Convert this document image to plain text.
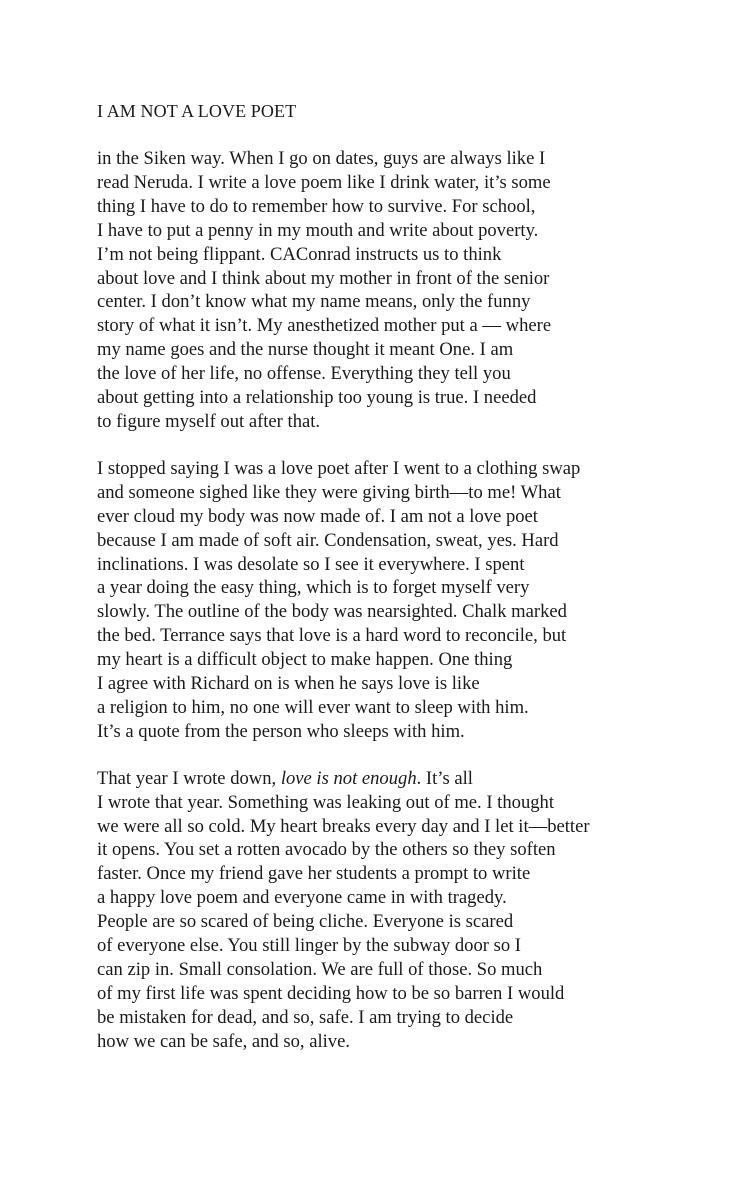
I AM NOT A LOVE POET
in the Siken way. When I go on dates, guys are always like I
read Neruda. I write a love poem like I drink water, it’s some
thing I have to do to remember how to survive. For school,
I have to put a penny in my mouth and write about poverty.
I’m not being flippant. CAConrad instructs us to think
about love and I think about my mother in front of the senior
center. I don’t know what my name means, only the funny
story of what it isn’t. My anesthetized mother put a — where
my name goes and the nurse thought it meant One. I am
the love of her life, no offense. Everything they tell you
about getting into a relationship too young is true. I needed
to figure myself out after that.
I stopped saying I was a love poet after I went to a clothing swap
and someone sighed like they were giving birth—to me! What
ever cloud my body was now made of. I am not a love poet
because I am made of soft air. Condensation, sweat, yes. Hard
inclinations. I was desolate so I see it everywhere. I spent
a year doing the easy thing, which is to forget myself very
slowly. The outline of the body was nearsighted. Chalk marked
the bed. Terrance says that love is a hard word to reconcile, but
my heart is a difficult object to make happen. One thing
I agree with Richard on is when he says love is like
a religion to him, no one will ever want to sleep with him.
It’s a quote from the person who sleeps with him.
That year I wrote down, love is not enough. It’s all
I wrote that year. Something was leaking out of me. I thought
we were all so cold. My heart breaks every day and I let it—better
it opens. You set a rotten avocado by the others so they soften
faster. Once my friend gave her students a prompt to write
a happy love poem and everyone came in with tragedy.
People are so scared of being cliche. Everyone is scared
of everyone else. You still linger by the subway door so I
can zip in. Small consolation. We are full of those. So much
of my first life was spent deciding how to be so barren I would
be mistaken for dead, and so, safe. I am trying to decide
how we can be safe, and so, alive.
